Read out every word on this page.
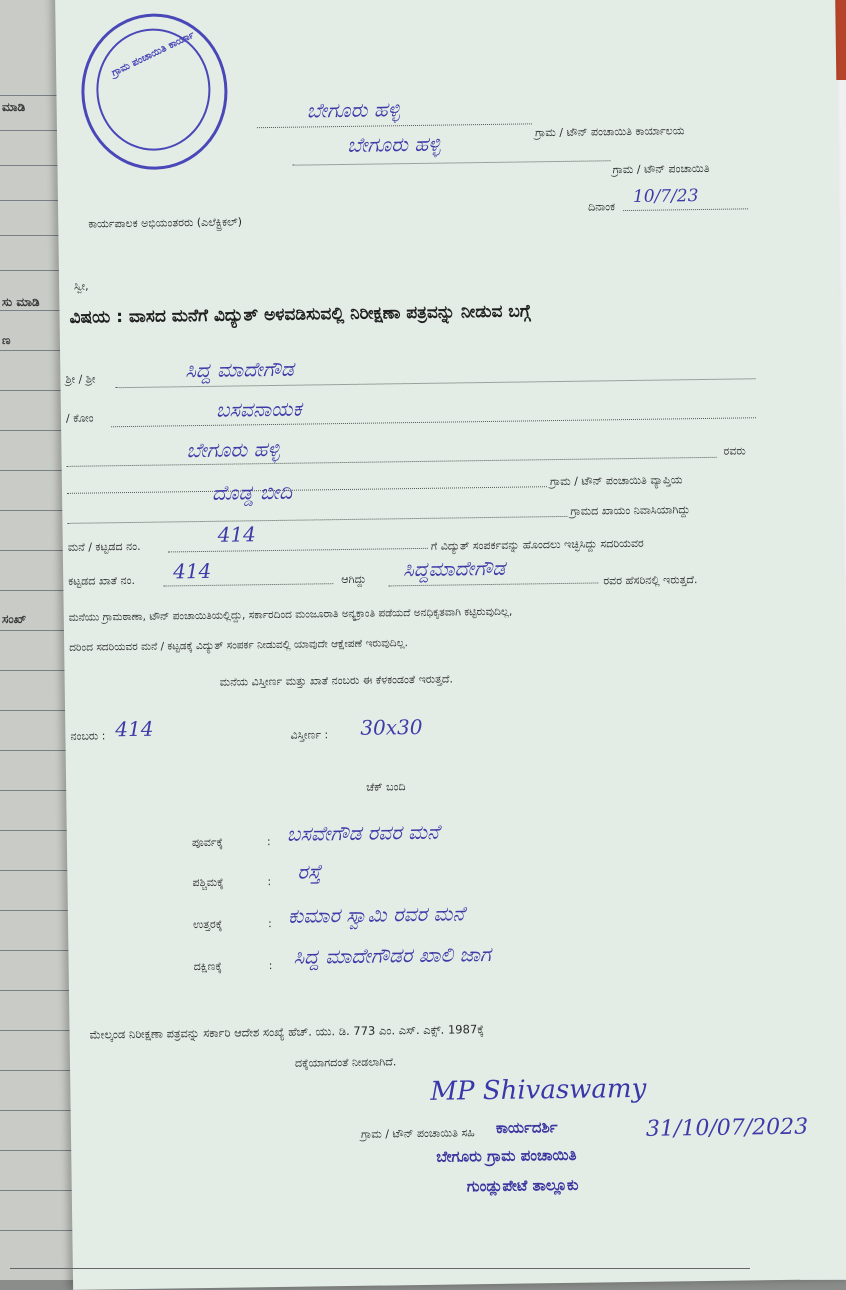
ಮಾಡಿ
ಸು ಮಾಡಿ
ಣ
ಸಂಖ್
ಗ್ರಾಮ ಪಂಚಾಯಿತಿ ಕಾರ್ಯಾ
ಬೇಗೂರು ಹಳ್ಳಿ
ಗ್ರಾಮ / ಟೌನ್ ಪಂಚಾಯಿತಿ ಕಾರ್ಯಾಲಯ
ಬೇಗೂರು ಹಳ್ಳಿ
ಗ್ರಾಮ / ಟೌನ್ ಪಂಚಾಯಿತಿ
ದಿನಾಂಕ 10/7/23
ಕಾರ್ಯಪಾಲಕ ಅಭಿಯಂತರರು (ಎಲೆಕ್ಟ್ರಿಕಲ್)
ಸ್ವೀ,
ವಿಷಯ : ವಾಸದ ಮನೆಗೆ ವಿದ್ಯುತ್ ಅಳವಡಿಸುವಲ್ಲಿ ನಿರೀಕ್ಷಣಾ ಪತ್ರವನ್ನು ನೀಡುವ ಬಗ್ಗೆ
ಶ್ರೀ / ಶ್ರೀ	ಸಿದ್ದ ಮಾದೇಗೌಡ
/ ಕೋಂ	ಬಸವನಾಯಕ
ಬೇಗೂರು ಹಳ್ಳಿ	ರವರು
ಗ್ರಾಮ / ಟೌನ್ ಪಂಚಾಯಿತಿ ವ್ಯಾಪ್ತಿಯ
ದೊಡ್ಡ ಬೀದಿ
ಗ್ರಾಮದ ಖಾಯಂ ನಿವಾಸಿಯಾಗಿದ್ದು
ಮನೆ / ಕಟ್ಟಡದ ನಂ.
414	ಗೆ ವಿದ್ಯುತ್ ಸಂಪರ್ಕವನ್ನು ಹೊಂದಲು ಇಚ್ಛಿಸಿದ್ದು ಸದರಿಯವರ
ಕಟ್ಟಡದ ಖಾತೆ ನಂ. 414	ಆಗಿದ್ದು ಸಿದ್ದಮಾದೇಗೌಡ	ರವರ ಹೆಸರಿನಲ್ಲಿ ಇರುತ್ತದೆ.
ಮನೆಯು ಗ್ರಾಮಠಾಣಾ, ಟೌನ್ ಪಂಚಾಯಿತಿಯಲ್ಲಿದ್ದು, ಸರ್ಕಾರದಿಂದ ಮಂಜೂರಾತಿ ಅನ್ಯಕ್ರಾಂತಿ ಪಡೆಯದೆ ಅನಧಿಕೃತವಾಗಿ ಕಟ್ಟಿರುವುದಿಲ್ಲ,
ದರಿಂದ ಸದರಿಯವರ ಮನೆ / ಕಟ್ಟಡಕ್ಕೆ ವಿದ್ಯುತ್ ಸಂಪರ್ಕ ನೀಡುವಲ್ಲಿ ಯಾವುದೇ ಆಕ್ಷೇಪಣೆ ಇರುವುದಿಲ್ಲ.
ಮನೆಯ ವಿಸ್ತೀರ್ಣ ಮತ್ತು ಖಾತೆ ನಂಬರು ಈ ಕೆಳಕಂಡಂತೆ ಇರುತ್ತದೆ.
ನಂಬರು : 414	ವಿಸ್ತೀರ್ಣ : 30x30
ಚೆಕ್ ಬಂದಿ
ಪೂರ್ವಕ್ಕೆ	: ಬಸವೇಗೌಡ ರವರ ಮನೆ
ಪಶ್ಚಿಮಕ್ಕೆ	: ರಸ್ತೆ
ಉತ್ತರಕ್ಕೆ	: ಕುಮಾರ ಸ್ವಾಮಿ ರವರ ಮನೆ
ದಕ್ಷಿಣಕ್ಕೆ	: ಸಿದ್ದ ಮಾದೇಗೌಡರ ಖಾಲಿ ಜಾಗ
ಮೇಲ್ಕಂಡ ನಿರೀಕ್ಷಣಾ ಪತ್ರವನ್ನು ಸರ್ಕಾರಿ ಆದೇಶ ಸಂಖ್ಯೆ ಹೆಚ್. ಯು. ಡಿ. 773 ಎಂ. ಎಸ್. ಎಕ್ಸ್. 1987ಕ್ಕೆ
ದಕ್ಕೆಯಾಗದಂತೆ ನೀಡಲಾಗಿದೆ.
MP Shivaswamy
ಗ್ರಾಮ / ಟೌನ್ ಪಂಚಾಯಿತಿ ಸಹಿ ಕಾರ್ಯದರ್ಶಿ	31/10/07/2023
ಬೇಗೂರು ಗ್ರಾಮ ಪಂಚಾಯಿತಿ
ಗುಂಡ್ಲುಪೇಟೆ ತಾಲ್ಲೂಕು
